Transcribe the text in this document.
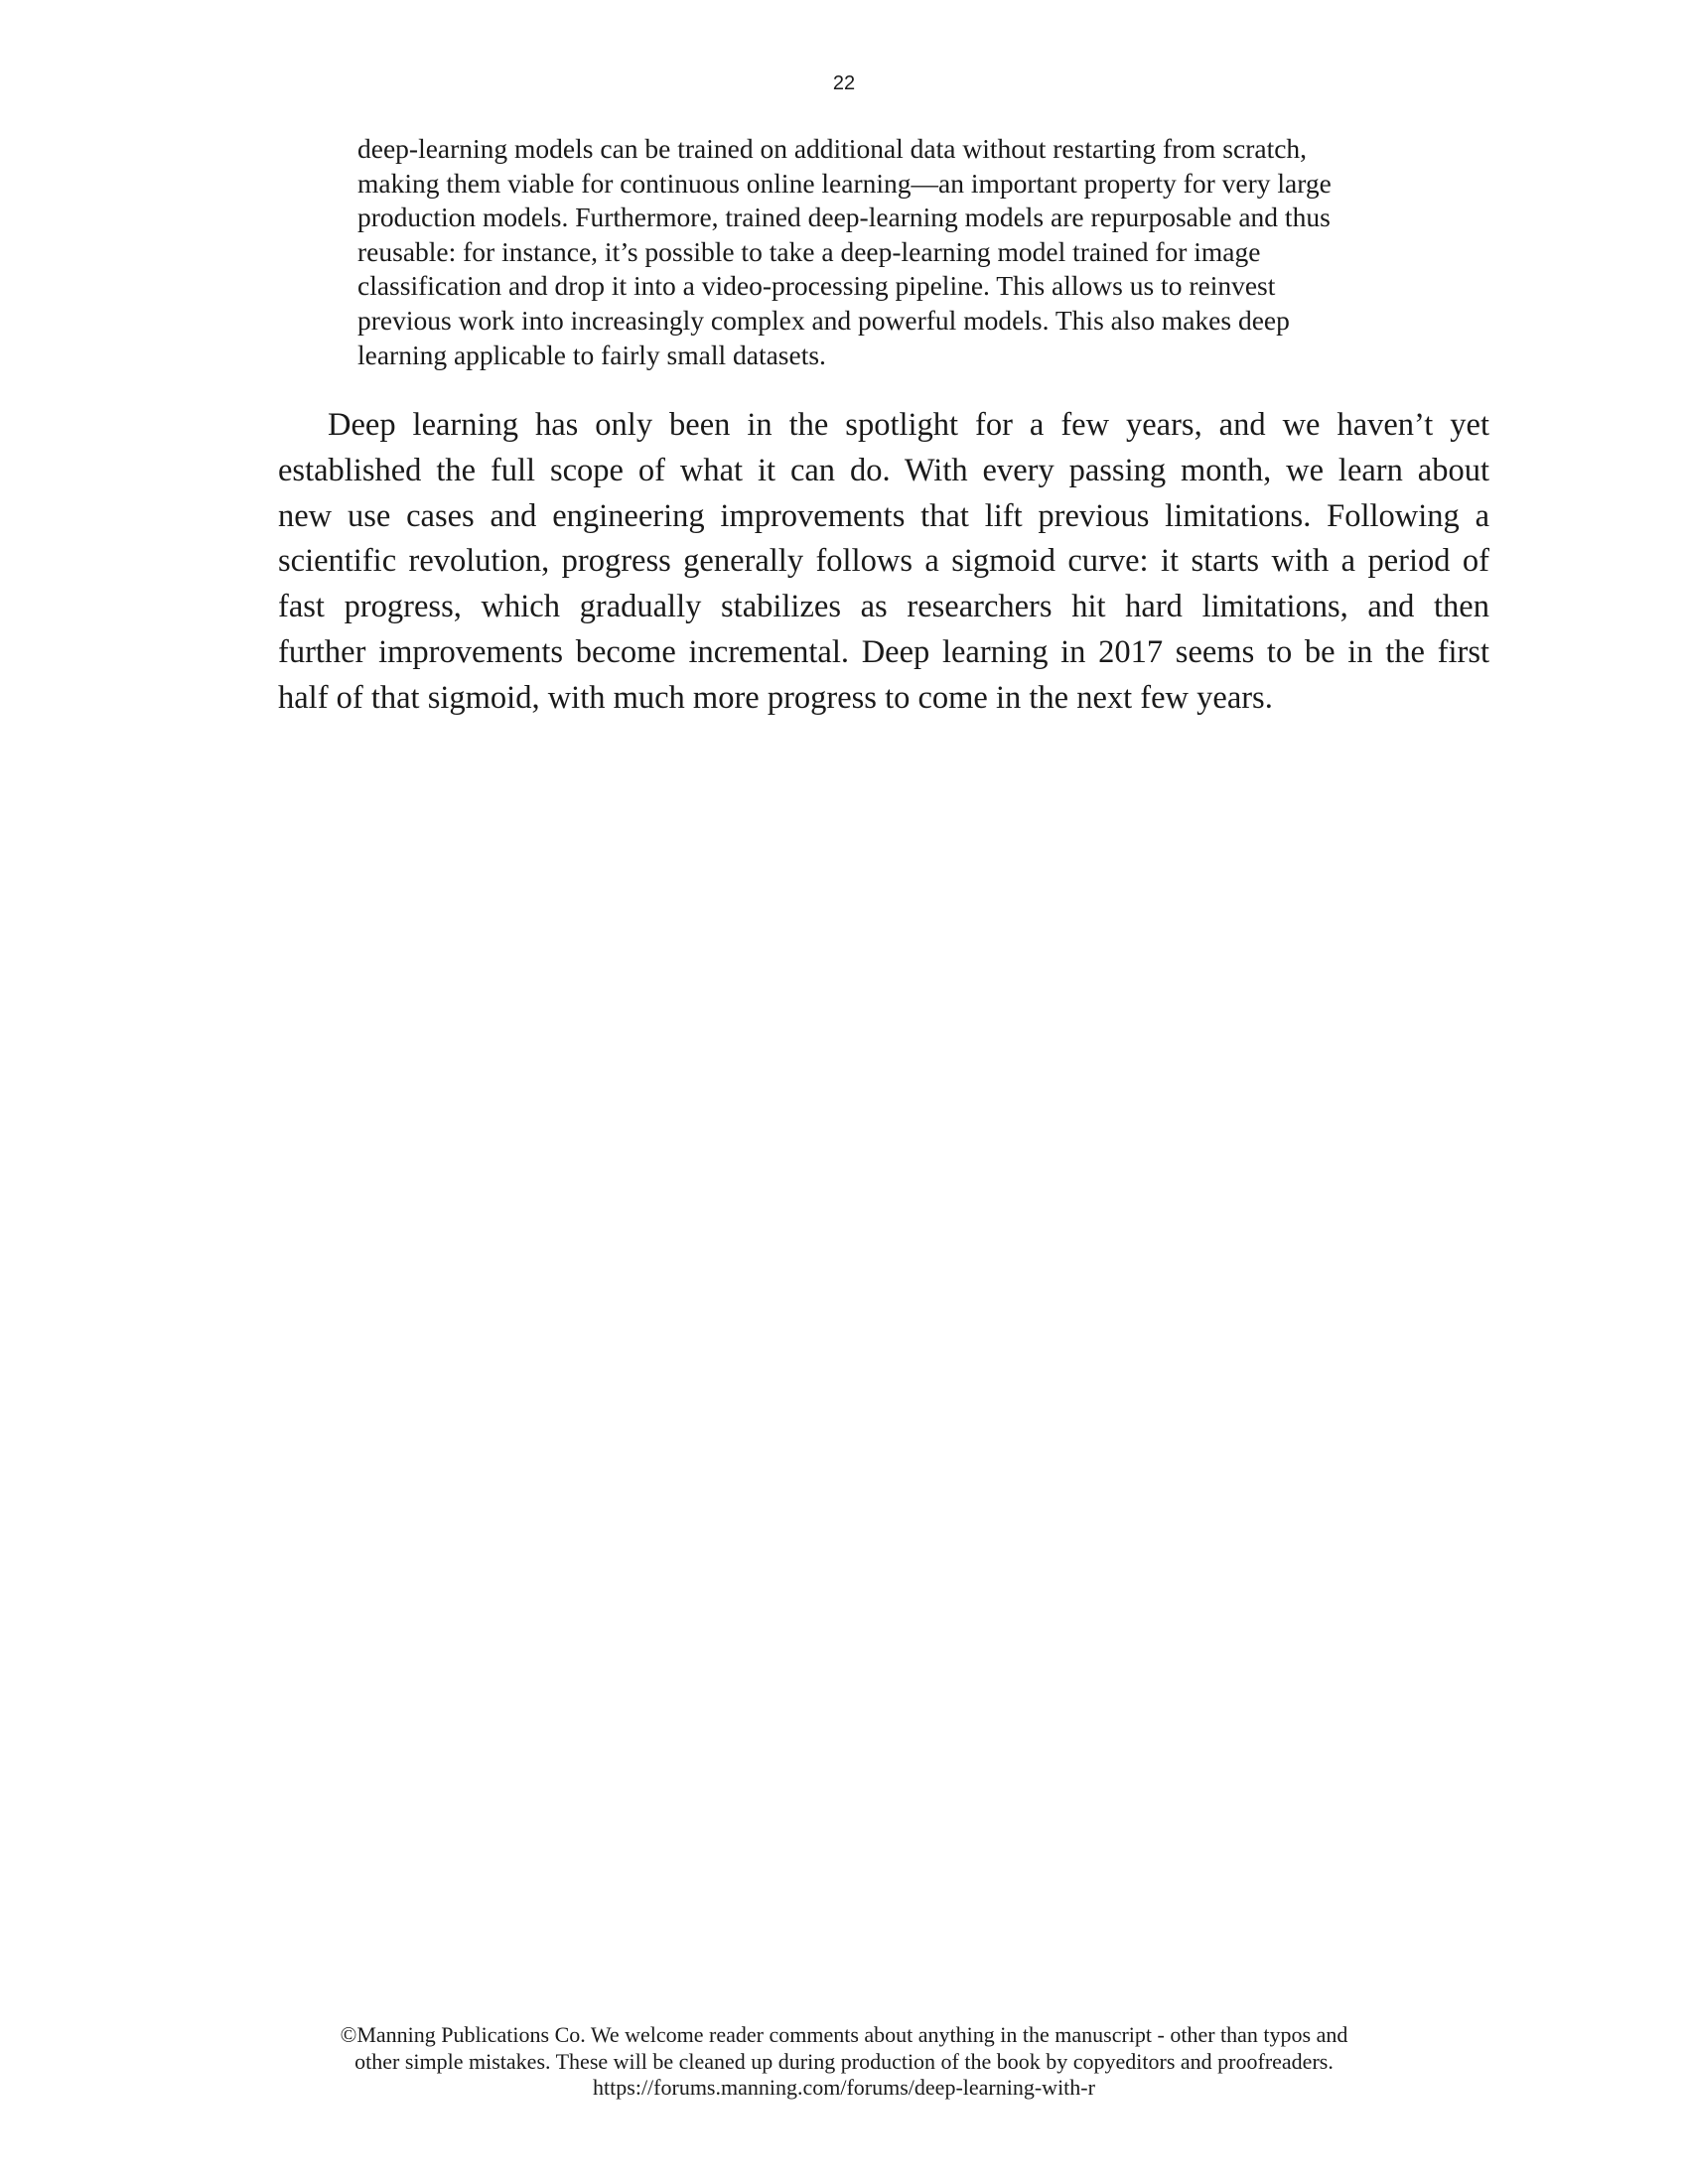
22

deep-learning models can be trained on additional data without restarting from scratch,
making them viable for continuous online learning—an important property for very large
production models. Furthermore, trained deep-learning models are repurposable and thus
reusable: for instance, it’s possible to take a deep-learning model trained for image
classification and drop it into a video-processing pipeline. This allows us to reinvest
previous work into increasingly complex and powerful models. This also makes deep
learning applicable to fairly small datasets.

Deep learning has only been in the spotlight for a few years, and we haven’t yet
established the full scope of what it can do. With every passing month, we learn about
new use cases and engineering improvements that lift previous limitations. Following a
scientific revolution, progress generally follows a sigmoid curve: it starts with a period of
fast progress, which gradually stabilizes as researchers hit hard limitations, and then
further improvements become incremental. Deep learning in 2017 seems to be in the first
half of that sigmoid, with much more progress to come in the next few years.

©Manning Publications Co. We welcome reader comments about anything in the manuscript - other than typos and
other simple mistakes. These will be cleaned up during production of the book by copyeditors and proofreaders.
https://forums.manning.com/forums/deep-learning-with-r
